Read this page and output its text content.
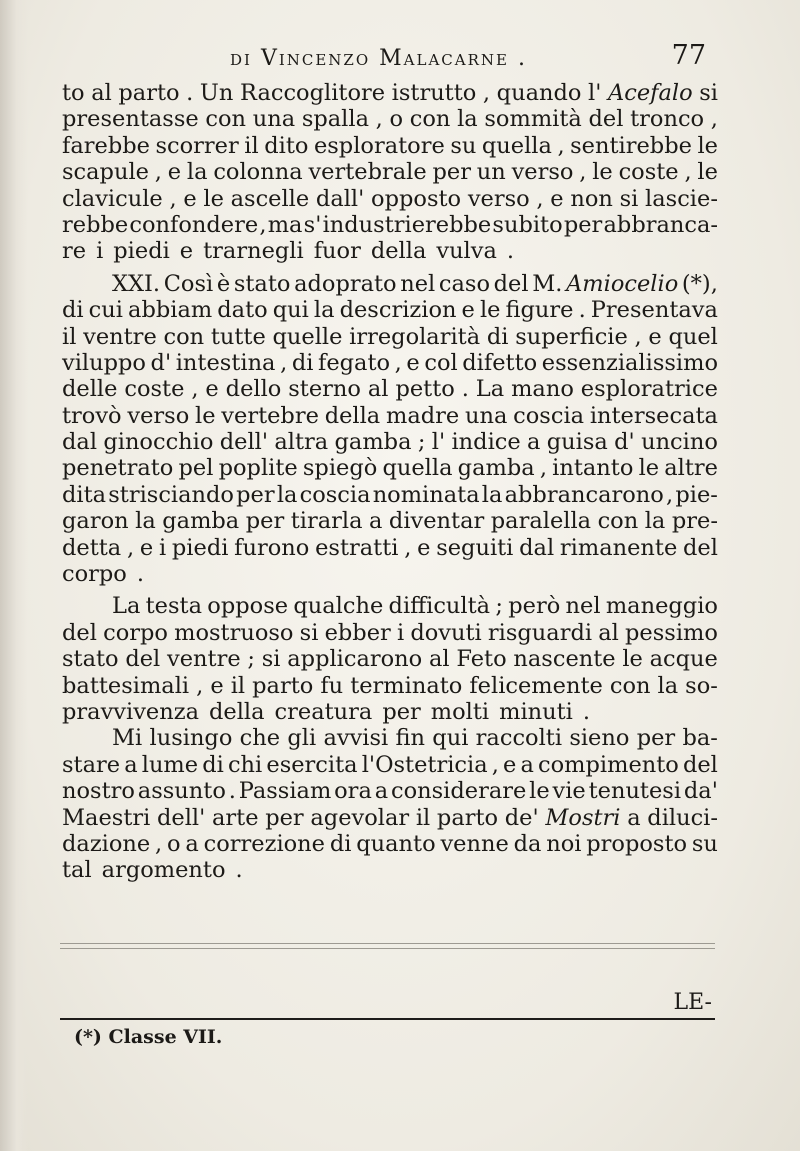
di Vincenzo Malacarne .	77
to al parto . Un Raccoglitore istrutto , quando l' Acefalo si
presentasse con una spalla , o con la sommità del tronco ,
farebbe scorrer il dito esploratore su quella , sentirebbe le
scapule , e la colonna vertebrale per un verso , le coste , le
clavicule , e le ascelle dall' opposto verso , e non si lascie-
rebbe confondere , ma s' industrierebbe subito per abbranca-
re i piedi e trarnegli fuor della vulva .
XXI. Così è stato adoprato nel caso del M. Amiocelio (*),
di cui abbiam dato qui la descrizion e le figure . Presentava
il ventre con tutte quelle irregolarità di superficie , e quel
viluppo d' intestina , di fegato , e col difetto essenzialissimo
delle coste , e dello sterno al petto . La mano esploratrice
trovò verso le vertebre della madre una coscia intersecata
dal ginocchio dell' altra gamba ; l' indice a guisa d' uncino
penetrato pel poplite spiegò quella gamba , intanto le altre
dita strisciando per la coscia nominata la abbrancarono , pie-
garon la gamba per tirarla a diventar paralella con la pre-
detta , e i piedi furono estratti , e seguiti dal rimanente del
corpo .
La testa oppose qualche difficultà ; però nel maneggio
del corpo mostruoso si ebber i dovuti risguardi al pessimo
stato del ventre ; si applicarono al Feto nascente le acque
battesimali , e il parto fu terminato felicemente con la so-
pravvivenza della creatura per molti minuti .
Mi lusingo che gli avvisi fin qui raccolti sieno per ba-
stare a lume di chi esercita l'Ostetricia , e a compimento del
nostro assunto . Passiam ora a considerare le vie tenutesi da'
Maestri dell' arte per agevolar il parto de' Mostri a diluci-
dazione , o a correzione di quanto venne da noi proposto su
tal argomento .
LE-
(*) Classe VII.
